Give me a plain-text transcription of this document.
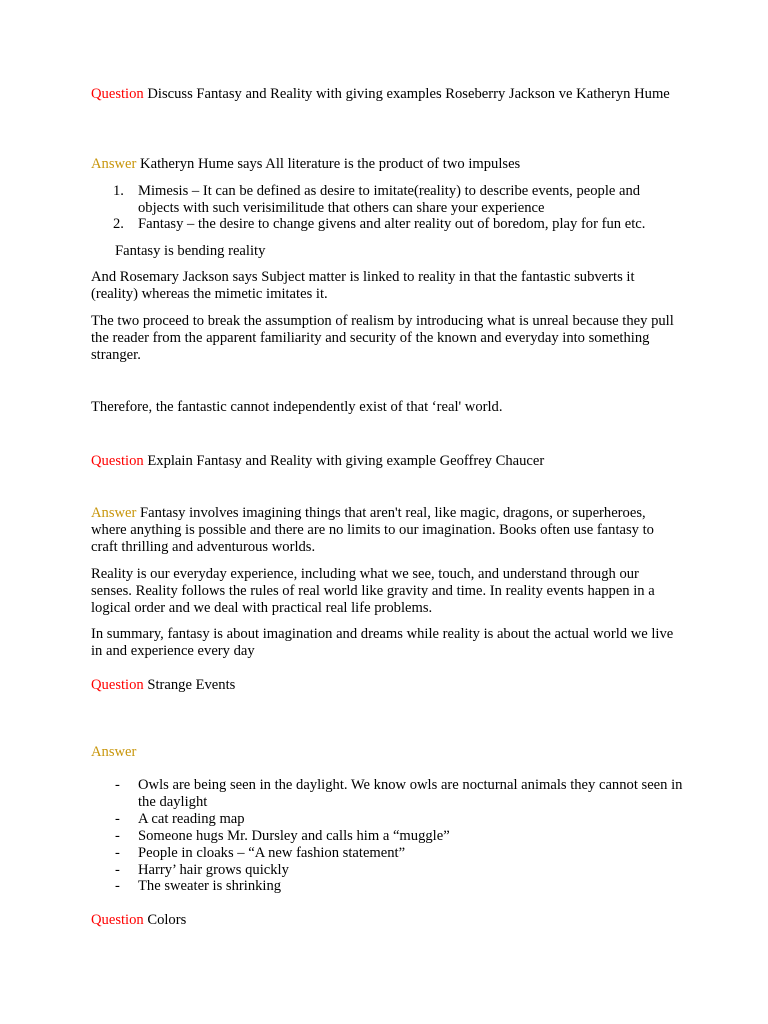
Question Discuss Fantasy and Reality with giving examples Roseberry Jackson ve Katheryn Hume

Answer Katheryn Hume says All literature is the product of two impulses

1. Mimesis – It can be defined as desire to imitate(reality) to describe events, people and objects with such verisimilitude that others can share your experience
2. Fantasy – the desire to change givens and alter reality out of boredom, play for fun etc.

Fantasy is bending reality

And Rosemary Jackson says Subject matter is linked to reality in that the fantastic subverts it (reality) whereas the mimetic imitates it.

The two proceed to break the assumption of realism by introducing what is unreal because they pull the reader from the apparent familiarity and security of the known and everyday into something stranger.

Therefore, the fantastic cannot independently exist of that ‘real' world.

Question Explain Fantasy and Reality with giving example Geoffrey Chaucer

Answer Fantasy involves imagining things that aren't real, like magic, dragons, or superheroes, where anything is possible and there are no limits to our imagination. Books often use fantasy to craft thrilling and adventurous worlds.

Reality is our everyday experience, including what we see, touch, and understand through our senses. Reality follows the rules of real world like gravity and time. In reality events happen in a logical order and we deal with practical real life problems.

In summary, fantasy is about imagination and dreams while reality is about the actual world we live in and experience every day

Question Strange Events

Answer

-	Owls are being seen in the daylight. We know owls are nocturnal animals they cannot seen in the daylight
-	A cat reading map
-	Someone hugs Mr. Dursley and calls him a “muggle”
-	People in cloaks – “A new fashion statement”
-	Harry’ hair grows quickly
-	The sweater is shrinking

Question Colors
